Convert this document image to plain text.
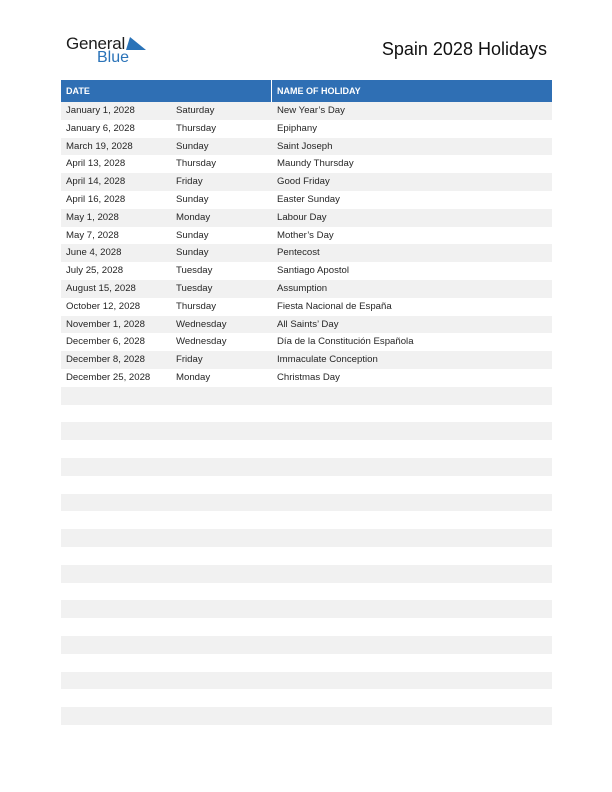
General
Blue	Spain 2028 Holidays
DATE	NAME OF HOLIDAY
January 1, 2028	Saturday	New Year’s Day
January 6, 2028	Thursday	Epiphany
March 19, 2028	Sunday	Saint Joseph
April 13, 2028	Thursday	Maundy Thursday
April 14, 2028	Friday	Good Friday
April 16, 2028	Sunday	Easter Sunday
May 1, 2028	Monday	Labour Day
May 7, 2028	Sunday	Mother’s Day
June 4, 2028	Sunday	Pentecost
July 25, 2028	Tuesday	Santiago Apostol
August 15, 2028	Tuesday	Assumption
October 12, 2028	Thursday	Fiesta Nacional de España
November 1, 2028	Wednesday	All Saints’ Day
December 6, 2028	Wednesday	Día de la Constitución Española
December 8, 2028	Friday	Immaculate Conception
December 25, 2028	Monday	Christmas Day
